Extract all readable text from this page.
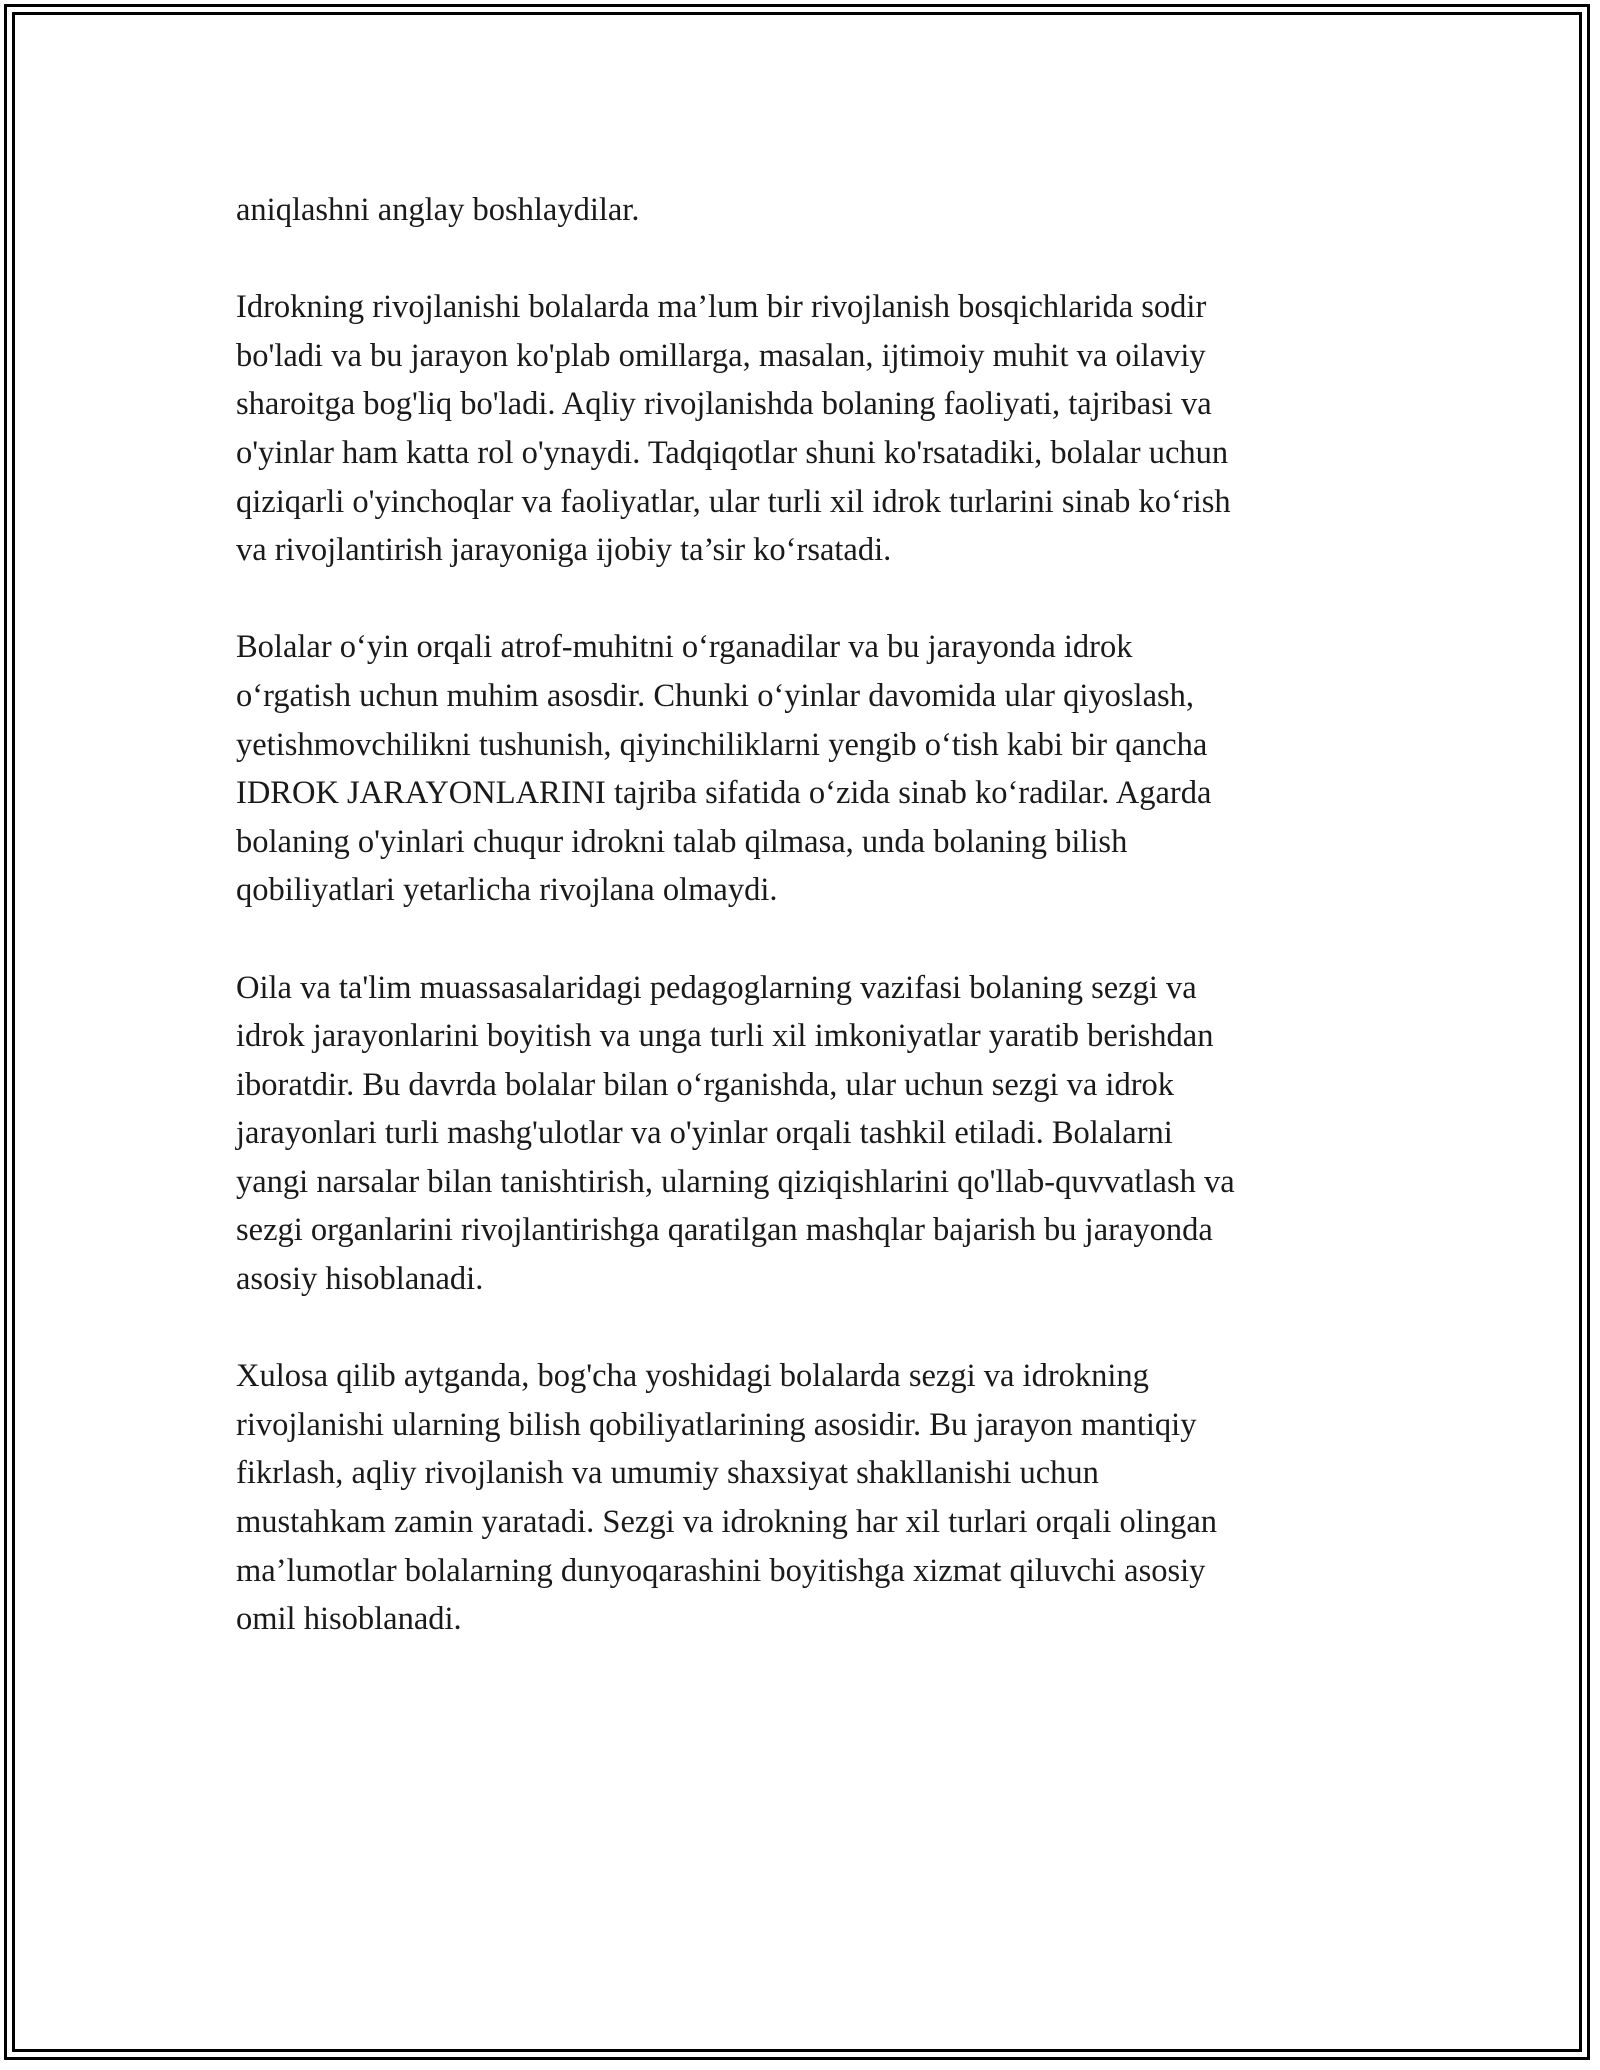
aniqlashni anglay boshlaydilar.

Idrokning rivojlanishi bolalarda ma’lum bir rivojlanish bosqichlarida sodir
bo'ladi va bu jarayon ko'plab omillarga, masalan, ijtimoiy muhit va oilaviy
sharoitga bog'liq bo'ladi. Aqliy rivojlanishda bolaning faoliyati, tajribasi va
o'yinlar ham katta rol o'ynaydi. Tadqiqotlar shuni ko'rsatadiki, bolalar uchun
qiziqarli o'yinchoqlar va faoliyatlar, ular turli xil idrok turlarini sinab ko‘rish
va rivojlantirish jarayoniga ijobiy ta’sir ko‘rsatadi.

Bolalar o‘yin orqali atrof-muhitni o‘rganadilar va bu jarayonda idrok
o‘rgatish uchun muhim asosdir. Chunki o‘yinlar davomida ular qiyoslash,
yetishmovchilikni tushunish, qiyinchiliklarni yengib o‘tish kabi bir qancha
IDROK JARAYONLARINI tajriba sifatida o‘zida sinab ko‘radilar. Agarda
bolaning o'yinlari chuqur idrokni talab qilmasa, unda bolaning bilish
qobiliyatlari yetarlicha rivojlana olmaydi.

Oila va ta'lim muassasalaridagi pedagoglarning vazifasi bolaning sezgi va
idrok jarayonlarini boyitish va unga turli xil imkoniyatlar yaratib berishdan
iboratdir. Bu davrda bolalar bilan o‘rganishda, ular uchun sezgi va idrok
jarayonlari turli mashg'ulotlar va o'yinlar orqali tashkil etiladi. Bolalarni
yangi narsalar bilan tanishtirish, ularning qiziqishlarini qo'llab-quvvatlash va
sezgi organlarini rivojlantirishga qaratilgan mashqlar bajarish bu jarayonda
asosiy hisoblanadi.

Xulosa qilib aytganda, bog'cha yoshidagi bolalarda sezgi va idrokning
rivojlanishi ularning bilish qobiliyatlarining asosidir. Bu jarayon mantiqiy
fikrlash, aqliy rivojlanish va umumiy shaxsiyat shakllanishi uchun
mustahkam zamin yaratadi. Sezgi va idrokning har xil turlari orqali olingan
ma’lumotlar bolalarning dunyoqarashini boyitishga xizmat qiluvchi asosiy
omil hisoblanadi.
